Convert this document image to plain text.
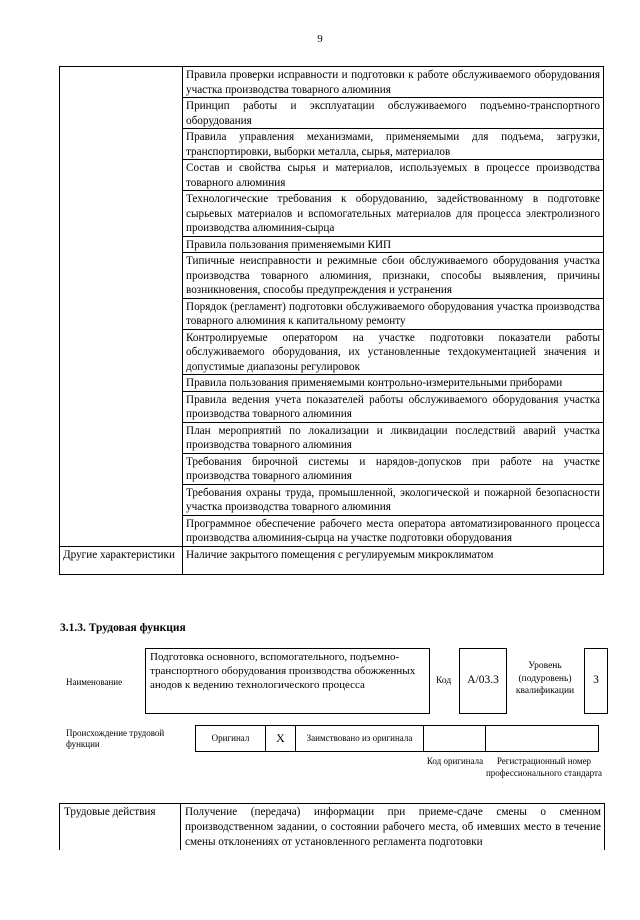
9
	Правила проверки исправности и подготовки к работе обслуживаемого оборудования участка производства товарного алюминия
	Принцип работы и эксплуатации обслуживаемого подъемно-транспортного оборудования
	Правила управления механизмами, применяемыми для подъема, загрузки, транспортировки, выборки металла, сырья, материалов
	Состав и свойства сырья и материалов, используемых в процессе производства товарного алюминия
	Технологические требования к оборудованию, задействованному в подготовке сырьевых материалов и вспомогательных материалов для процесса электролизного производства алюминия-сырца
	Правила пользования применяемыми КИП
	Типичные неисправности и режимные сбои обслуживаемого оборудования участка производства товарного алюминия, признаки, способы выявления, причины возникновения, способы предупреждения и устранения
	Порядок (регламент) подготовки обслуживаемого оборудования участка производства товарного алюминия к капитальному ремонту
	Контролируемые оператором на участке подготовки показатели работы обслуживаемого оборудования, их установленные техдокументацией значения и допустимые диапазоны регулировок
	Правила пользования применяемыми контрольно-измерительными приборами
	Правила ведения учета показателей работы обслуживаемого оборудования участка производства товарного алюминия
	План мероприятий по локализации и ликвидации последствий аварий участка производства товарного алюминия
	Требования бирочной системы и нарядов-допусков при работе на участке производства товарного алюминия
	Требования охраны труда, промышленной, экологической и пожарной безопасности участка производства товарного алюминия
	Программное обеспечение рабочего места оператора автоматизированного процесса производства алюминия-сырца на участке подготовки оборудования
Другие характеристики	Наличие закрытого помещения с регулируемым микроклиматом
3.1.3. Трудовая функция
Наименование
Подготовка основного, вспомогательного, подъемно-транспортного оборудования производства обожженных анодов к ведению технологического процесса	Код	А/03.3
Уровень (подуровень) квалификации
3
Происхождение трудовой функции
Оригинал	X	Заимствовано из оригинала
Код оригинала	Регистрационный номер профессионального стандарта
Трудовые действия	Получение (передача) информации при приеме-сдаче смены о сменном производственном задании, о состоянии рабочего места, об имевших место в течение смены отклонениях от установленного регламента подготовки
